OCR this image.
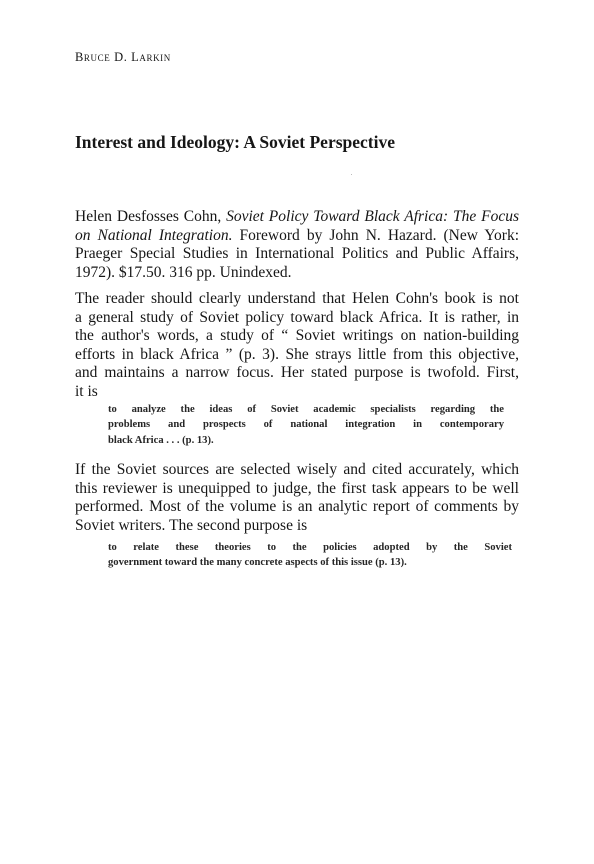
Bruce D. Larkin
Interest and Ideology: A Soviet Perspective
Helen Desfosses Cohn, Soviet Policy Toward Black Africa: The Focus
on National Integration. Foreword by John N. Hazard. (New York:
Praeger Special Studies in International Politics and Public Affairs,
1972). $17.50. 316 pp. Unindexed.
The reader should clearly understand that Helen Cohn's book is not
a general study of Soviet policy toward black Africa. It is rather, in
the author's words, a study of “ Soviet writings on nation-building
efforts in black Africa ” (p. 3). She strays little from this objective,
and maintains a narrow focus. Her stated purpose is twofold. First,
it is
to analyze the ideas of Soviet academic specialists regarding the
problems and prospects of national integration in contemporary
black Africa . . . (p. 13).
If the Soviet sources are selected wisely and cited accurately, which
this reviewer is unequipped to judge, the first task appears to be well
performed. Most of the volume is an analytic report of comments by
Soviet writers. The second purpose is
to relate these theories to the policies adopted by the Soviet
government toward the many concrete aspects of this issue (p. 13).
